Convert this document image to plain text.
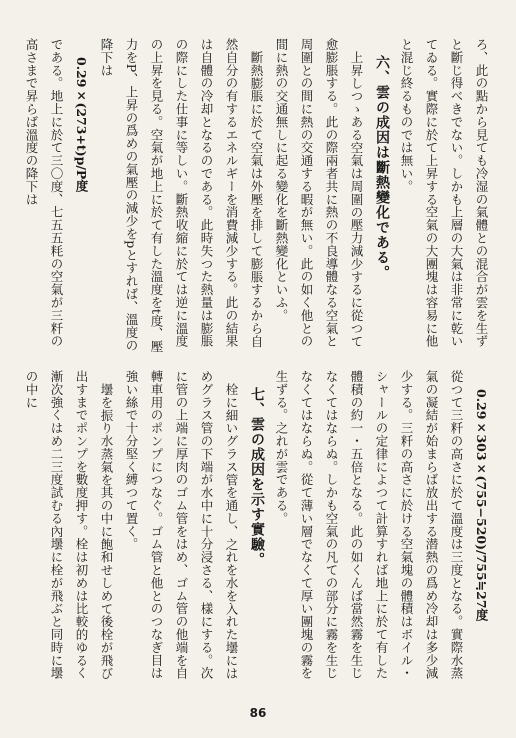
ろ、此の點から見ても冷湿の氣體との混合が雲を生ずと斷じ得べきでない。しかも上層の大氣は非常に乾いてゐる。實際に於て上昇する空氣の大團塊は容易に他と混じ終るものでは無い。

六、雲の成因は斷熱變化である。

上昇しつゝある空氣は周圍の壓力減少するに從つて愈膨脹する。此の際兩者共に熱の不良導體なる空氣と周圍との間に熱の交通する暇が無い。此の如く他との間に熱の交通無しに起る變化を斷熱變化といふ。

斷熱膨脹に於て空氣は外壓を排して膨脹するから自然自分の有するエネルギーを消費減少する。此の結果は自體の冷却となるのである。此時失つた熱量は膨脹の際にした仕事に等しい。斷熱收縮に於ては逆に溫度の上昇を見る。空氣が地上に於て有した溫度をt度、壓力をP、上昇の爲めの氣壓の減少をpとすれば、溫度の降下は

0.29×(273+t)p/P度

である。地上に於て三〇度、七五五粍の空氣が三粁の高さまで昇らば溫度の降下は

0.29×303×(755−520)/755≒27度

從つて三粁の高さに於て溫度は三度となる。實際水蒸氣の凝結が始まらば放出する潜熱の爲め冷却は多少減少する。三粁の高さに於ける空氣塊の體積はボイル・シャールの定律によつて計算すれば地上に於て有した體積の約一・五倍となる。此の如くんば當然霧を生じなくてはならぬ。しかも空氣の凡ての部分に霧を生じなくてはならぬ。從て薄い層でなくて厚い團塊の霧を生ずる。之れが雲である。

七、雲の成因を示す實驗。

栓に細いグラス管を通し、之れを水を入れた壜にはめグラス管の下端が水中に十分浸さる、樣にする。次に管の上端に厚肉のゴム管をはめ、ゴム管の他端を自轉車用のポンプにつなぐ。ゴム管と他とのつなぎ目は強い絲で十分堅く縛つて置く。

壜を振り水蒸氣を其の中に飽和せしめて後栓が飛び出すまでポンプを數度押す。栓は初めは比較的ゆるく漸次強くはめ二三度試むる內壜に栓が飛ぶと同時に壜の中に

86
